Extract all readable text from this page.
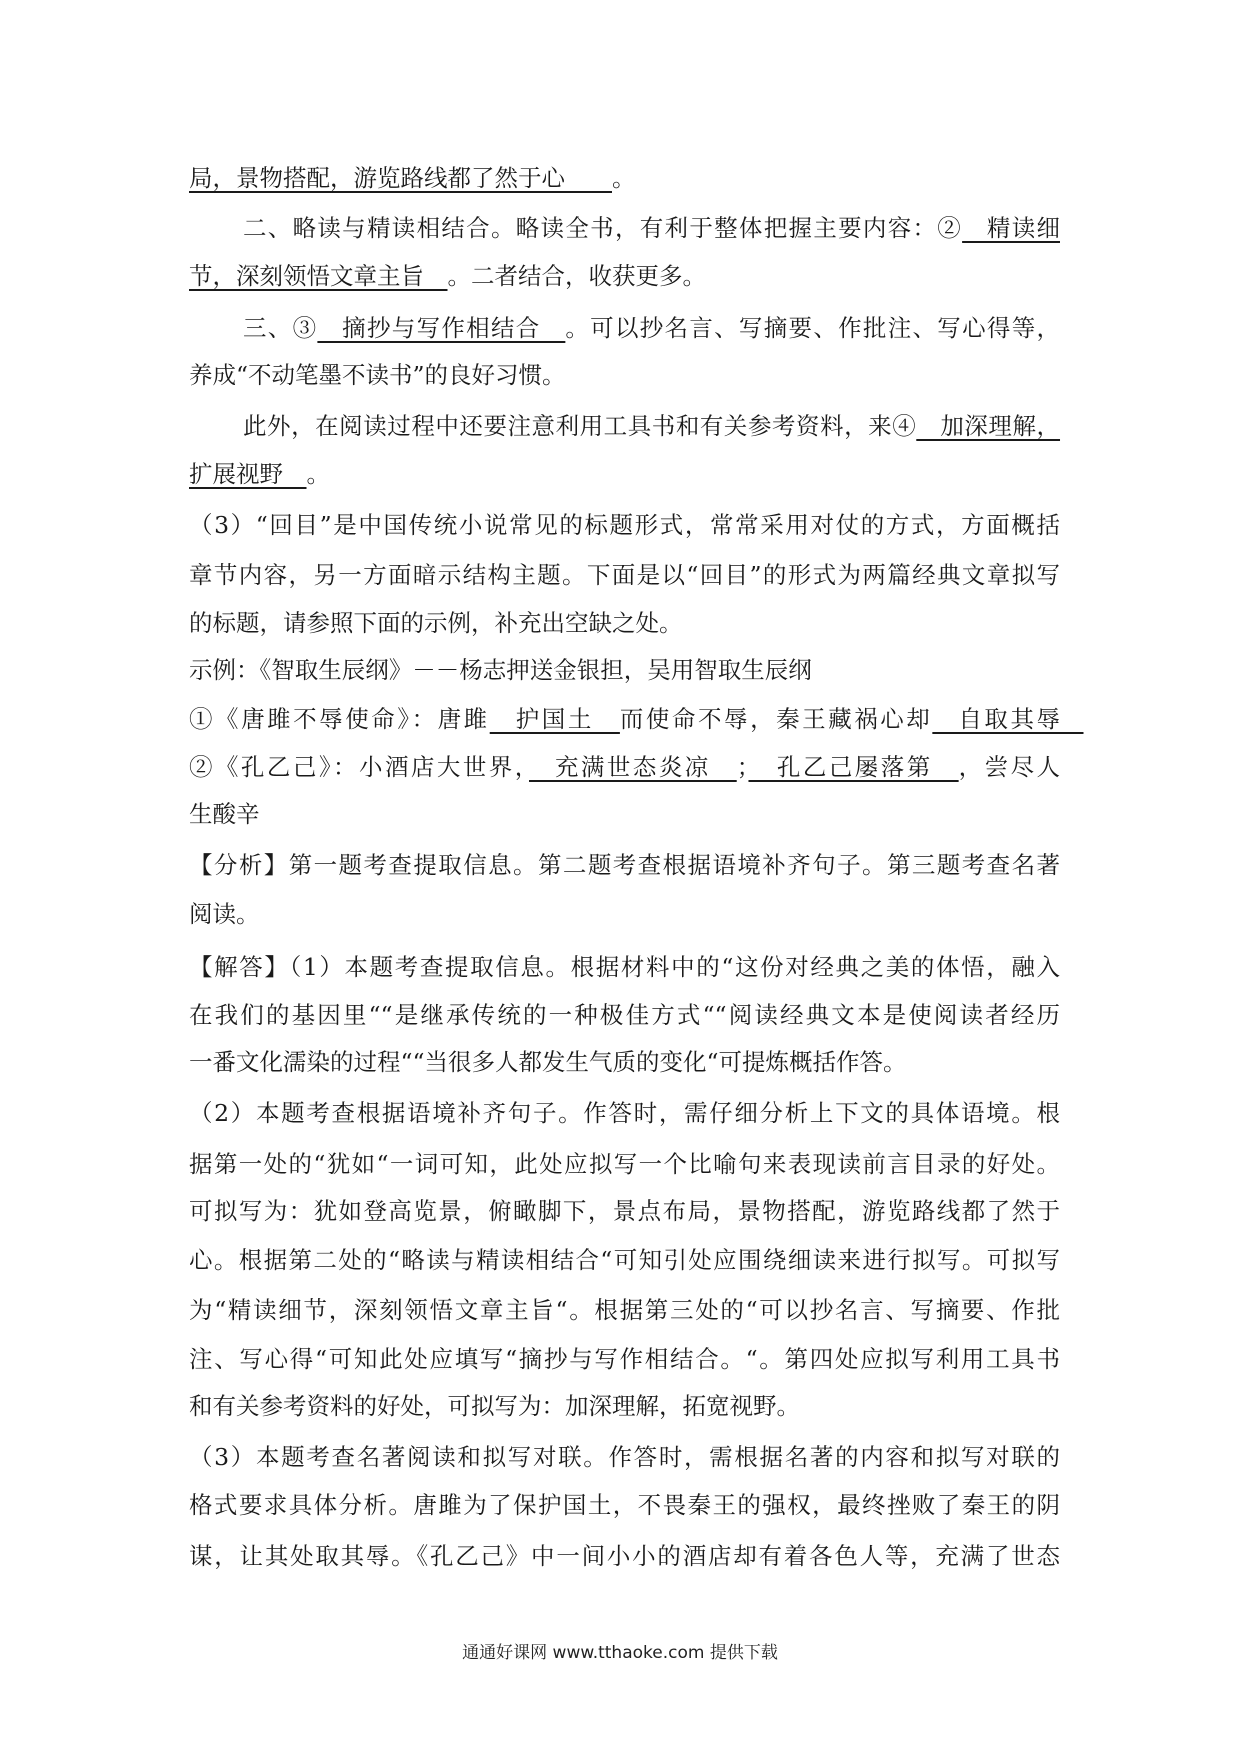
局，景物搭配，游览路线都了然于心　　。
二、略读与精读相结合。略读全书，有利于整体把握主要内容：②　精读细
节，深刻领悟文章主旨　。二者结合，收获更多。
三、③　摘抄与写作相结合　。可以抄名言、写摘要、作批注、写心得等，
养成“不动笔墨不读书”的良好习惯。
此外，在阅读过程中还要注意利用工具书和有关参考资料，来④　加深理解，
扩展视野　。
（3）“回目”是中国传统小说常见的标题形式，常常采用对仗的方式，方面概括
章节内容，另一方面暗示结构主题。下面是以“回目”的形式为两篇经典文章拟写
的标题，请参照下面的示例，补充出空缺之处。
示例：《智取生辰纲》－－杨志押送金银担，吴用智取生辰纲
①《唐雎不辱使命》：唐雎　护国土　而使命不辱，秦王藏祸心却　自取其辱　
②《孔乙己》：小酒店大世界，　充满世态炎凉　；　孔乙己屡落第　，尝尽人
生酸辛
【分析】第一题考查提取信息。第二题考查根据语境补齐句子。第三题考查名著
阅读。
【解答】（1）本题考查提取信息。根据材料中的“这份对经典之美的体悟，融入
在我们的基因里““是继承传统的一种极佳方式““阅读经典文本是使阅读者经历
一番文化濡染的过程““当很多人都发生气质的变化“可提炼概括作答。
（2）本题考查根据语境补齐句子。作答时，需仔细分析上下文的具体语境。根
据第一处的“犹如“一词可知，此处应拟写一个比喻句来表现读前言目录的好处。
可拟写为：犹如登高览景，俯瞰脚下，景点布局，景物搭配，游览路线都了然于
心。根据第二处的“略读与精读相结合“可知引处应围绕细读来进行拟写。可拟写
为“精读细节，深刻领悟文章主旨“。根据第三处的“可以抄名言、写摘要、作批
注、写心得“可知此处应填写“摘抄与写作相结合。“。第四处应拟写利用工具书
和有关参考资料的好处，可拟写为：加深理解，拓宽视野。
（3）本题考查名著阅读和拟写对联。作答时，需根据名著的内容和拟写对联的
格式要求具体分析。唐雎为了保护国土，不畏秦王的强权，最终挫败了秦王的阴
谋，让其处取其辱。《孔乙己》中一间小小的酒店却有着各色人等，充满了世态
通通好课网 www.tthaoke.com 提供下载
